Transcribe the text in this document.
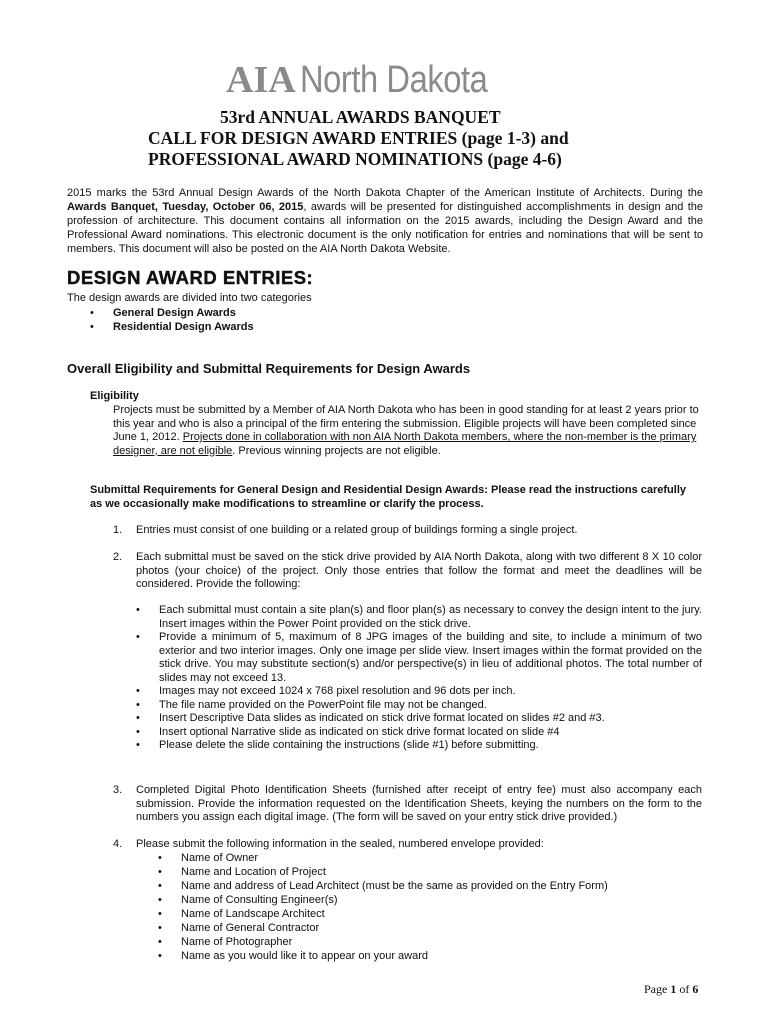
AIA North Dakota
53rd ANNUAL AWARDS BANQUET
CALL FOR DESIGN AWARD ENTRIES (page 1-3) and
PROFESSIONAL AWARD NOMINATIONS (page 4-6)
2015 marks the 53rd Annual Design Awards of the North Dakota Chapter of the American Institute of Architects. During the Awards Banquet, Tuesday, October 06, 2015, awards will be presented for distinguished accomplishments in design and the profession of architecture. This document contains all information on the 2015 awards, including the Design Award and the Professional Award nominations. This electronic document is the only notification for entries and nominations that will be sent to members. This document will also be posted on the AIA North Dakota Website.
DESIGN AWARD ENTRIES:
The design awards are divided into two categories
•	General Design Awards
•	Residential Design Awards
Overall Eligibility and Submittal Requirements for Design Awards
Eligibility
Projects must be submitted by a Member of AIA North Dakota who has been in good standing for at least 2 years prior to this year and who is also a principal of the firm entering the submission. Eligible projects will have been completed since June 1, 2012. Projects done in collaboration with non AIA North Dakota members, where the non-member is the primary designer, are not eligible. Previous winning projects are not eligible.
Submittal Requirements for General Design and Residential Design Awards: Please read the instructions carefully as we occasionally make modifications to streamline or clarify the process.
1. Entries must consist of one building or a related group of buildings forming a single project.
2. Each submittal must be saved on the stick drive provided by AIA North Dakota, along with two different 8 X 10 color photos (your choice) of the project. Only those entries that follow the format and meet the deadlines will be considered. Provide the following:
•	Each submittal must contain a site plan(s) and floor plan(s) as necessary to convey the design intent to the jury. Insert images within the Power Point provided on the stick drive.
•	Provide a minimum of 5, maximum of 8 JPG images of the building and site, to include a minimum of two exterior and two interior images. Only one image per slide view. Insert images within the format provided on the stick drive. You may substitute section(s) and/or perspective(s) in lieu of additional photos. The total number of slides may not exceed 13.
•	Images may not exceed 1024 x 768 pixel resolution and 96 dots per inch.
•	The file name provided on the PowerPoint file may not be changed.
•	Insert Descriptive Data slides as indicated on stick drive format located on slides #2 and #3.
•	Insert optional Narrative slide as indicated on stick drive format located on slide #4
•	Please delete the slide containing the instructions (slide #1) before submitting.
3. Completed Digital Photo Identification Sheets (furnished after receipt of entry fee) must also accompany each submission. Provide the information requested on the Identification Sheets, keying the numbers on the form to the numbers you assign each digital image. (The form will be saved on your entry stick drive provided.)
4. Please submit the following information in the sealed, numbered envelope provided:
•	Name of Owner
•	Name and Location of Project
•	Name and address of Lead Architect (must be the same as provided on the Entry Form)
•	Name of Consulting Engineer(s)
•	Name of Landscape Architect
•	Name of General Contractor
•	Name of Photographer
•	Name as you would like it to appear on your award
Page 1 of 6
